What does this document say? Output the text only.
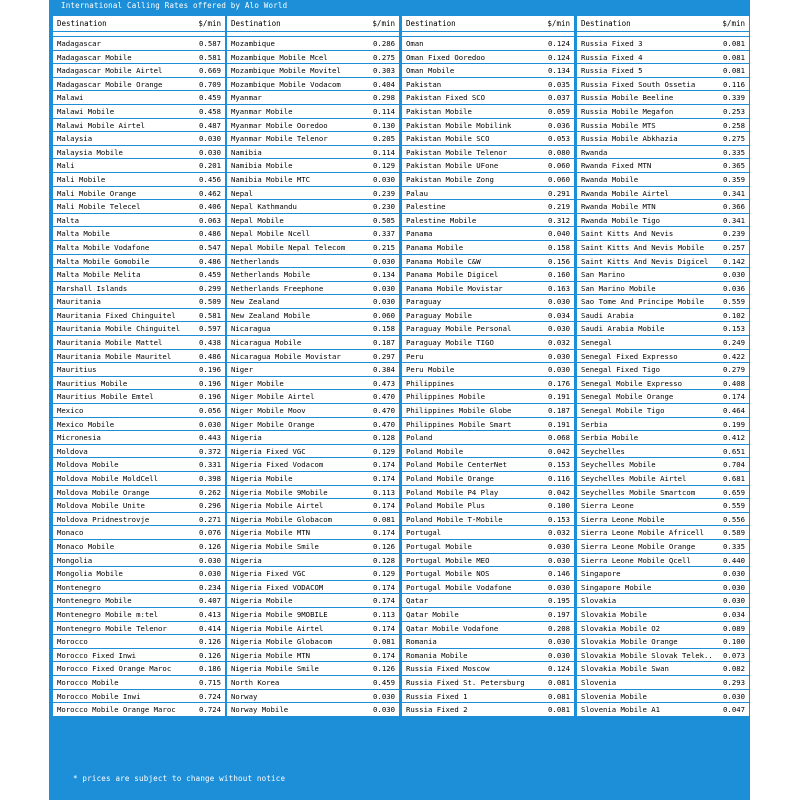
International Calling Rates offered by Alo World
Destination	$/min
Madagascar	0.587
Madagascar Mobile	0.581
Madagascar Mobile Airtel	0.669
Madagascar Mobile Orange	0.709
Malawi	0.459
Malawi Mobile	0.458
Malawi Mobile Airtel	0.487
Malaysia	0.030
Malaysia Mobile	0.030
Mali	0.201
Mali Mobile	0.456
Mali Mobile Orange	0.462
Mali Mobile Telecel	0.406
Malta	0.063
Malta Mobile	0.486
Malta Mobile Vodafone	0.547
Malta Mobile Gomobile	0.486
Malta Mobile Melita	0.459
Marshall Islands	0.299
Mauritania	0.509
Mauritania Fixed Chinguitel	0.581
Mauritania Mobile Chinguitel	0.597
Mauritania Mobile Mattel	0.438
Mauritania Mobile Mauritel	0.486
Mauritius	0.196
Mauritius Mobile	0.196
Mauritius Mobile Emtel	0.196
Mexico	0.056
Mexico Mobile	0.030
Micronesia	0.443
Moldova	0.372
Moldova Mobile	0.331
Moldova Mobile MoldCell	0.398
Moldova Mobile Orange	0.262
Moldova Mobile Unite	0.296
Moldova Pridnestrovje	0.271
Monaco	0.076
Monaco Mobile	0.126
Mongolia	0.030
Mongolia Mobile	0.030
Montenegro	0.234
Montenegro Mobile	0.407
Montenegro Mobile m:tel	0.413
Montenegro Mobile Telenor	0.414
Morocco	0.126
Morocco Fixed Inwi	0.126
Morocco Fixed Orange Maroc	0.186
Morocco Mobile	0.715
Morocco Mobile Inwi	0.724
Morocco Mobile Orange Maroc	0.724
Destination	$/min
Mozambique	0.286
Mozambique Mobile Mcel	0.275
Mozambique Mobile Movitel	0.303
Mozambique Mobile Vodacom	0.404
Myanmar	0.298
Myanmar Mobile	0.114
Myanmar Mobile Ooredoo	0.130
Myanmar Mobile Telenor	0.205
Namibia	0.114
Namibia Mobile	0.129
Namibia Mobile MTC	0.030
Nepal	0.239
Nepal Kathmandu	0.230
Nepal Mobile	0.505
Nepal Mobile Ncell	0.337
Nepal Mobile Nepal Telecom	0.215
Netherlands	0.030
Netherlands Mobile	0.134
Netherlands Freephone	0.030
New Zealand	0.030
New Zealand Mobile	0.060
Nicaragua	0.158
Nicaragua Mobile	0.187
Nicaragua Mobile Movistar	0.297
Niger	0.384
Niger Mobile	0.473
Niger Mobile Airtel	0.470
Niger Mobile Moov	0.470
Niger Mobile Orange	0.470
Nigeria	0.128
Nigeria Fixed VGC	0.129
Nigeria Fixed Vodacom	0.174
Nigeria Mobile	0.174
Nigeria Mobile 9Mobile	0.113
Nigeria Mobile Airtel	0.174
Nigeria Mobile Globacom	0.081
Nigeria Mobile MTN	0.174
Nigeria Mobile Smile	0.126
Nigeria	0.128
Nigeria Fixed VGC	0.129
Nigeria Fixed VODACOM	0.174
Nigeria Mobile	0.174
Nigeria Mobile 9MOBILE	0.113
Nigeria Mobile Airtel	0.174
Nigeria Mobile Globacom	0.081
Nigeria Mobile MTN	0.174
Nigeria Mobile Smile	0.126
North Korea	0.459
Norway	0.030
Norway Mobile	0.030
Destination	$/min
Oman	0.124
Oman Fixed Ooredoo	0.124
Oman Mobile	0.134
Pakistan	0.035
Pakistan Fixed SCO	0.037
Pakistan Mobile	0.059
Pakistan Mobile Mobilink	0.036
Pakistan Mobile SCO	0.053
Pakistan Mobile Telenor	0.080
Pakistan Mobile UFone	0.060
Pakistan Mobile Zong	0.060
Palau	0.291
Palestine	0.219
Palestine Mobile	0.312
Panama	0.040
Panama Mobile	0.158
Panama Mobile C&W	0.156
Panama Mobile Digicel	0.160
Panama Mobile Movistar	0.163
Paraguay	0.030
Paraguay Mobile	0.034
Paraguay Mobile Personal	0.030
Paraguay Mobile TIGO	0.032
Peru	0.030
Peru Mobile	0.030
Philippines	0.176
Philippines Mobile	0.191
Philippines Mobile Globe	0.187
Philippines Mobile Smart	0.191
Poland	0.068
Poland Mobile	0.042
Poland Mobile CenterNet	0.153
Poland Mobile Orange	0.116
Poland Mobile P4 Play	0.042
Poland Mobile Plus	0.100
Poland Mobile T-Mobile	0.153
Portugal	0.032
Portugal Mobile	0.030
Portugal Mobile MEO	0.030
Portugal Mobile NOS	0.146
Portugal Mobile Vodafone	0.030
Qatar	0.195
Qatar Mobile	0.197
Qatar Mobile Vodafone	0.208
Romania	0.030
Romania Mobile	0.030
Russia Fixed Moscow	0.124
Russia Fixed St. Petersburg	0.081
Russia Fixed 1	0.081
Russia Fixed 2	0.081
Destination	$/min
Russia Fixed 3	0.081
Russia Fixed 4	0.081
Russia Fixed 5	0.081
Russia Fixed South Ossetia	0.116
Russia Mobile Beeline	0.339
Russia Mobile Megafon	0.253
Russia Mobile MTS	0.258
Russia Mobile Abkhazia	0.275
Rwanda	0.335
Rwanda Fixed MTN	0.365
Rwanda Mobile	0.359
Rwanda Mobile Airtel	0.341
Rwanda Mobile MTN	0.366
Rwanda Mobile Tigo	0.341
Saint Kitts And Nevis	0.239
Saint Kitts And Nevis Mobile	0.257
Saint Kitts And Nevis Digicel 0.142
San Marino	0.030
San Marino Mobile	0.036
Sao Tome And Principe Mobile	0.559
Saudi Arabia	0.102
Saudi Arabia Mobile	0.153
Senegal	0.249
Senegal Fixed Expresso	0.422
Senegal Fixed Tigo	0.279
Senegal Mobile Expresso	0.408
Senegal Mobile Orange	0.174
Senegal Mobile Tigo	0.464
Serbia	0.199
Serbia Mobile	0.412
Seychelles	0.651
Seychelles Mobile	0.704
Seychelles Mobile Airtel	0.681
Seychelles Mobile Smartcom	0.659
Sierra Leone	0.559
Sierra Leone Mobile	0.556
Sierra Leone Mobile Africell	0.589
Sierra Leone Mobile Orange	0.335
Sierra Leone Mobile Qcell	0.440
Singapore	0.030
Singapore Mobile	0.030
Slovakia	0.030
Slovakia Mobile	0.034
Slovakia Mobile O2	0.089
Slovakia Mobile Orange	0.100
Slovakia Mobile Slovak Telek.. 0.073
Slovakia Mobile Swan	0.082
Slovenia	0.293
Slovenia Mobile	0.030
Slovenia Mobile A1	0.047
* prices are subject to change without notice
